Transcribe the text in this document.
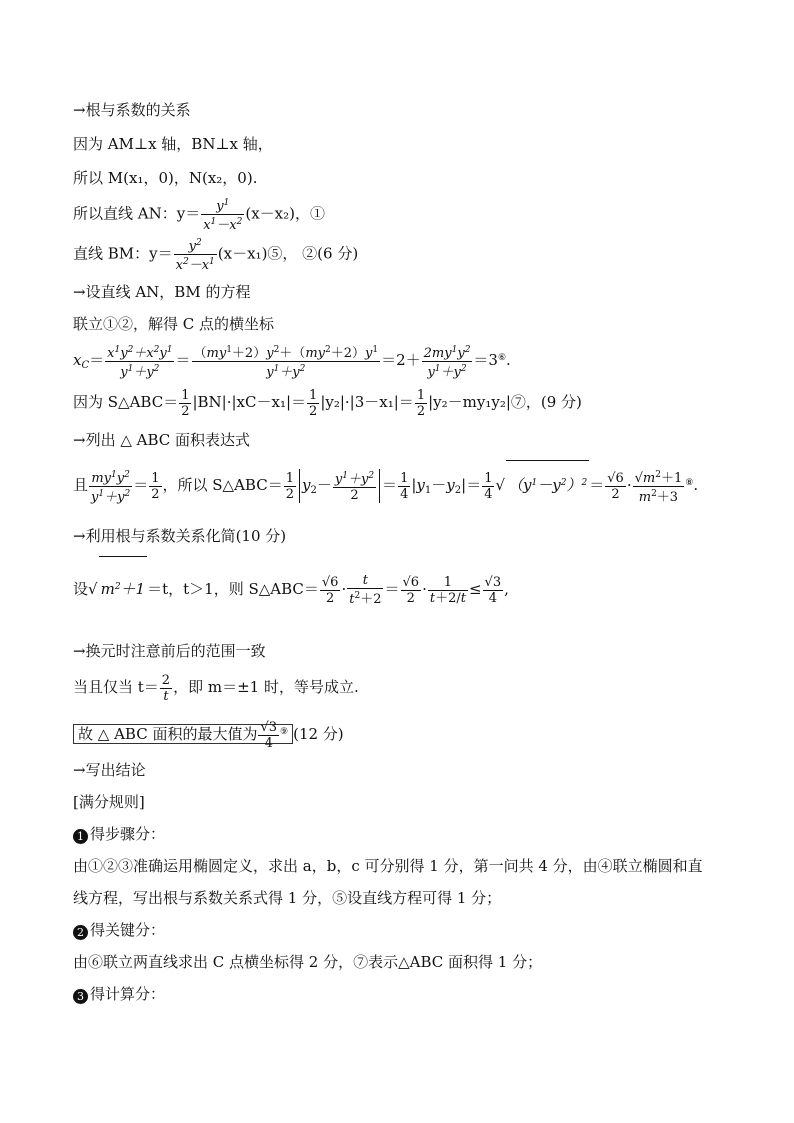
→根与系数的关系
因为 AM⊥x 轴，BN⊥x 轴，
所以 M(x₁，0)，N(x₂，0).
所以直线 AN：$y= \frac{y^1}{x^1-x^2} (x-x_2)$，①
直线 BM：$y= \frac{y^2}{x^2-x^1}$ (x－x₁)⑤， ②(6 分)
→设直线 AN，BM 的方程
联立①②，解得 C 点的横坐标
$x_C= \frac{x^1y^2+x^2y^1}{y^1+y^2} = \frac{(my^1+2)y^2+(my^2+2)y^1}{y^1+y^2} =2+ \frac{2my^1y^2}{y^1+y^2} =3^⑥$.
因为 S△ABC＝ $\frac{1}{2} |BN|\cdot|xC-x_1|= \frac{1}{2} |y_2|\cdot|3-x_1|= \frac{1}{2}$ |y₂－my₁y₂|⑦，(9 分)
→列出 △ ABC 面积表达式
且 $\frac{my^1y^2}{y^1+y^2} = \frac{1}{2}$ ，所以 S△ABC＝ $\frac{1}{2} y_2- \frac{y^1+y^2}{2} = \frac{1}{4} |y_1-y_2|= \frac{1}{4}$ √ $(y^1-y^2)^2 = \frac{√6}{2} \cdot \frac{√m^2+1}{m^2+3} ^⑧$.
→利用根与系数关系化简(10 分)
设√ $m^2+1 =t$，t＞1，则 S△ABC＝ $\frac{√6}{2} \cdot \frac{t}{t^2+2} = \frac{√6}{2} \cdot \frac{1}{t+2/t} \le \frac{√3}{4}$ ,
→换元时注意前后的范围一致
当且仅当 $t= \frac{2}{t}$ ，即 m＝±1 时，等号成立.
故 △ ABC 面积的最大值为 $\frac{√3}{4} ^⑨$ (12 分)
→写出结论
[满分规则]
1 得步骤分：
由①②③准确运用椭圆定义，求出 a，b，c 可分别得 1 分，第一问共 4 分，由④联立椭圆和直
线方程，写出根与系数关系式得 1 分，⑤设直线方程可得 1 分；
2 得关键分：
由⑥联立两直线求出 C 点横坐标得 2 分，⑦表示△ABC 面积得 1 分；
3 得计算分：
